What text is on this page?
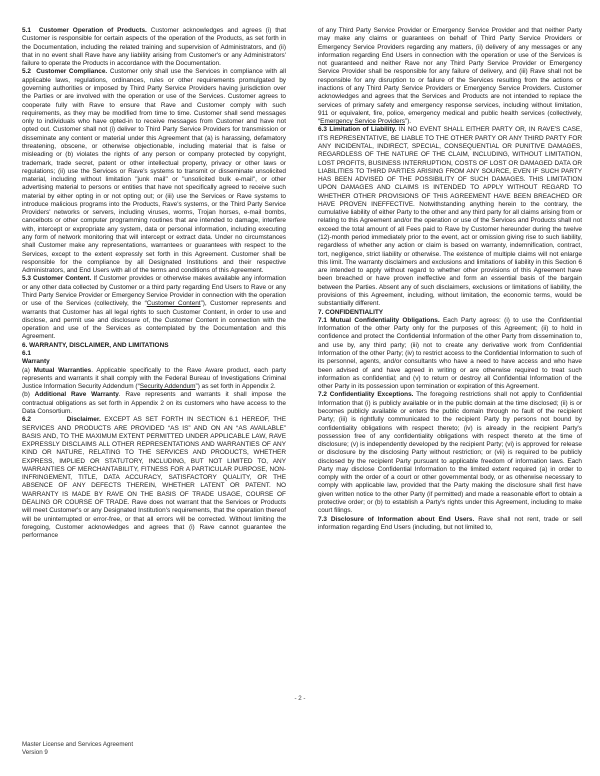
5.1 Customer Operation of Products. Customer acknowledges and agrees (i) that Customer is responsible for certain aspects of the operation of the Products, as set forth in the Documentation, including the related training and supervision of Administrators, and (ii) that in no event shall Rave have any liability arising from Customer's or any Administrators' failure to operate the Products in accordance with the Documentation.

5.2 Customer Compliance. Customer only shall use the Services in compliance with all applicable laws, regulations, ordinances, rules or other requirements promulgated by governing authorities or imposed by Third Party Service Providers having jurisdiction over the Parties or are involved with the operation or use of the Services. Customer agrees to cooperate fully with Rave to ensure that Rave and Customer comply with such requirements, as they may be modified from time to time. Customer shall send messages only to individuals who have opted-in to receive messages from Customer and have not opted out. Customer shall not (i) deliver to Third Party Service Providers for transmission or disseminate any content or material under this Agreement that (a) is harassing, defamatory threatening, obscene, or otherwise objectionable, including material that is false or misleading or (b) violates the rights of any person or company protected by copyright, trademark, trade secret, patent or other intellectual property, privacy or other laws or regulations; (ii) use the Services or Rave's systems to transmit or disseminate unsolicited material, including without limitation "junk mail" or "unsolicited bulk e-mail", or other advertising material to persons or entities that have not specifically agreed to receive such material by either opting in or not opting out; or (iii) use the Services or Rave systems to introduce malicious programs into the Products, Rave's systems, or the Third Party Service Providers' networks or servers, including viruses, worms, Trojan horses, e-mail bombs, cancelbots or other computer programming routines that are intended to damage, interfere with, intercept or expropriate any system, data or personal information, including executing any form of network monitoring that will intercept or extract data. Under no circumstances shall Customer make any representations, warrantees or guarantees with respect to the Services, except to the extent expressly set forth in this Agreement. Customer shall be responsible for the compliance by all Designated Institutions and their respective Administrators, and End Users with all of the terms and conditions of this Agreement.

5.3 Customer Content. If Customer provides or otherwise makes available any information or any other data collected by Customer or a third party regarding End Users to Rave or any Third Party Service Provider or Emergency Service Provider in connection with the operation or use of the Services (collectively, the “Customer Content”), Customer represents and warrants that Customer has all legal rights to such Customer Content, in order to use and disclose, and permit use and disclosure of, the Customer Content in connection with the operation and use of the Services as contemplated by the Documentation and this Agreement.

6. WARRANTY, DISCLAIMER, AND LIMITATIONS

6.1

Warranty

(a) Mutual Warranties. Applicable specifically to the Rave Aware product, each party represents and warrants it shall comply with the Federal Bureau of Investigations Criminal Justice Information Security Addendum (“Security Addendum”) as set forth in Appendix 2.

(b) Additional Rave Warranty. Rave represents and warrants it shall impose the contractual obligations as set forth in Appendix 2 on its customers who have access to the Data Consortium.

6.2	Disclaimer. EXCEPT AS SET FORTH IN SECTION 6.1 HEREOF, THE SERVICES AND PRODUCTS ARE PROVIDED “AS IS” AND ON AN “AS AVAILABLE” BASIS AND, TO THE MAXIMUM EXTENT PERMITTED UNDER APPLICABLE LAW, RAVE EXPRESSLY DISCLAIMS ALL OTHER REPRESENTATIONS AND WARRANTIES OF ANY KIND OR NATURE, RELATING TO THE SERVICES AND PRODUCTS, WHETHER EXPRESS, IMPLIED OR STATUTORY, INCLUDING, BUT NOT LIMITED TO, ANY WARRANTIES OF MERCHANTABILITY, FITNESS FOR A PARTICULAR PURPOSE, NON-INFRINGEMENT, TITLE, DATA ACCURACY, SATISFACTORY QUALITY, OR THE ABSENCE OF ANY DEFECTS THEREIN, WHETHER LATENT OR PATENT. NO WARRANTY IS MADE BY RAVE ON THE BASIS OF TRADE USAGE, COURSE OF DEALING OR COURSE OF TRADE. Rave does not warrant that the Services or Products will meet Customer's or any Designated Institution's requirements, that the operation thereof will be uninterrupted or error-free, or that all errors will be corrected. Without limiting the foregoing, Customer acknowledges and agrees that (i) Rave cannot guarantee the performance

of any Third Party Service Provider or Emergency Service Provider and that neither Party may make any claims or guarantees on behalf of Third Party Service Providers or Emergency Service Providers regarding any matters, (ii) delivery of any messages or any information regarding End Users in connection with the operation or use of the Services is not guaranteed and neither Rave nor any Third Party Service Provider or Emergency Service Provider shall be responsible for any failure of delivery, and (iii) Rave shall not be responsible for any disruption to or failure of the Services resulting from the actions or inactions of any Third Party Service Providers or Emergency Service Providers. Customer acknowledges and agrees that the Services and Products are not intended to replace the services of primary safety and emergency response services, including without limitation, 911 or equivalent, fire, police, emergency medical and public health services (collectively, “Emergency Service Providers”).

6.3 Limitation of Liability. IN NO EVENT SHALL EITHER PARTY OR, IN RAVE'S CASE, ITS REPRESENTATIVE, BE LIABLE TO THE OTHER PARTY OR ANY THIRD PARTY FOR ANY INCIDENTAL, INDIRECT, SPECIAL, CONSEQUENTIAL OR PUNITIVE DAMAGES, REGARDLESS OF THE NATURE OF THE CLAIM, INCLUDING, WITHOUT LIMITATION, LOST PROFITS, BUSINESS INTERRUPTION, COSTS OF LOST OR DAMAGED DATA OR LIABILITIES TO THIRD PARTIES ARISING FROM ANY SOURCE, EVEN IF SUCH PARTY HAS BEEN ADVISED OF THE POSSIBILITY OF SUCH DAMAGES. THIS LIMITATION UPON DAMAGES AND CLAIMS IS INTENDED TO APPLY WITHOUT REGARD TO WHETHER OTHER PROVISIONS OF THIS AGREEMENT HAVE BEEN BREACHED OR HAVE PROVEN INEFFECTIVE. Notwithstanding anything herein to the contrary, the cumulative liability of either Party to the other and any third party for all claims arising from or relating to this Agreement and/or the operation or use of the Services and Products shall not exceed the total amount of all Fees paid to Rave by Customer hereunder during the twelve (12)-month period immediately prior to the event, act or omission giving rise to such liability, regardless of whether any action or claim is based on warranty, indemnification, contract, tort, negligence, strict liability or otherwise. The existence of multiple claims will not enlarge this limit. The warranty disclaimers and exclusions and limitations of liability in this Section 6 are intended to apply without regard to whether other provisions of this Agreement have been breached or have proven ineffective and form an essential basis of the bargain between the Parties. Absent any of such disclaimers, exclusions or limitations of liability, the provisions of this Agreement, including, without limitation, the economic terms, would be substantially different.

7. CONFIDENTIALITY

7.1 Mutual Confidentiality Obligations. Each Party agrees: (i) to use the Confidential Information of the other Party only for the purposes of this Agreement; (ii) to hold in confidence and protect the Confidential Information of the other Party from dissemination to, and use by, any third party; (iii) not to create any derivative work from Confidential Information of the other Party; (iv) to restrict access to the Confidential Information to such of its personnel, agents, and/or consultants who have a need to have access and who have been advised of and have agreed in writing or are otherwise required to treat such information as confidential; and (v) to return or destroy all Confidential Information of the other Party in its possession upon termination or expiration of this Agreement.

7.2 Confidentiality Exceptions. The foregoing restrictions shall not apply to Confidential Information that (i) is publicly available or in the public domain at the time disclosed; (ii) is or becomes publicly available or enters the public domain through no fault of the recipient Party; (iii) is rightfully communicated to the recipient Party by persons not bound by confidentiality obligations with respect thereto; (iv) is already in the recipient Party's possession free of any confidentiality obligations with respect thereto at the time of disclosure; (v) is independently developed by the recipient Party; (vi) is approved for release or disclosure by the disclosing Party without restriction; or (vii) is required to be publicly disclosed by the recipient Party pursuant to applicable freedom of information laws. Each Party may disclose Confidential Information to the limited extent required (a) in order to comply with the order of a court or other governmental body, or as otherwise necessary to comply with applicable law, provided that the Party making the disclosure shall first have given written notice to the other Party (if permitted) and made a reasonable effort to obtain a protective order; or (b) to establish a Party's rights under this Agreement, including to make court filings.

7.3 Disclosure of Information about End Users. Rave shall not rent, trade or sell information regarding End Users (including, but not limited to,

- 2 -
Master License and Services Agreement
Version 9
